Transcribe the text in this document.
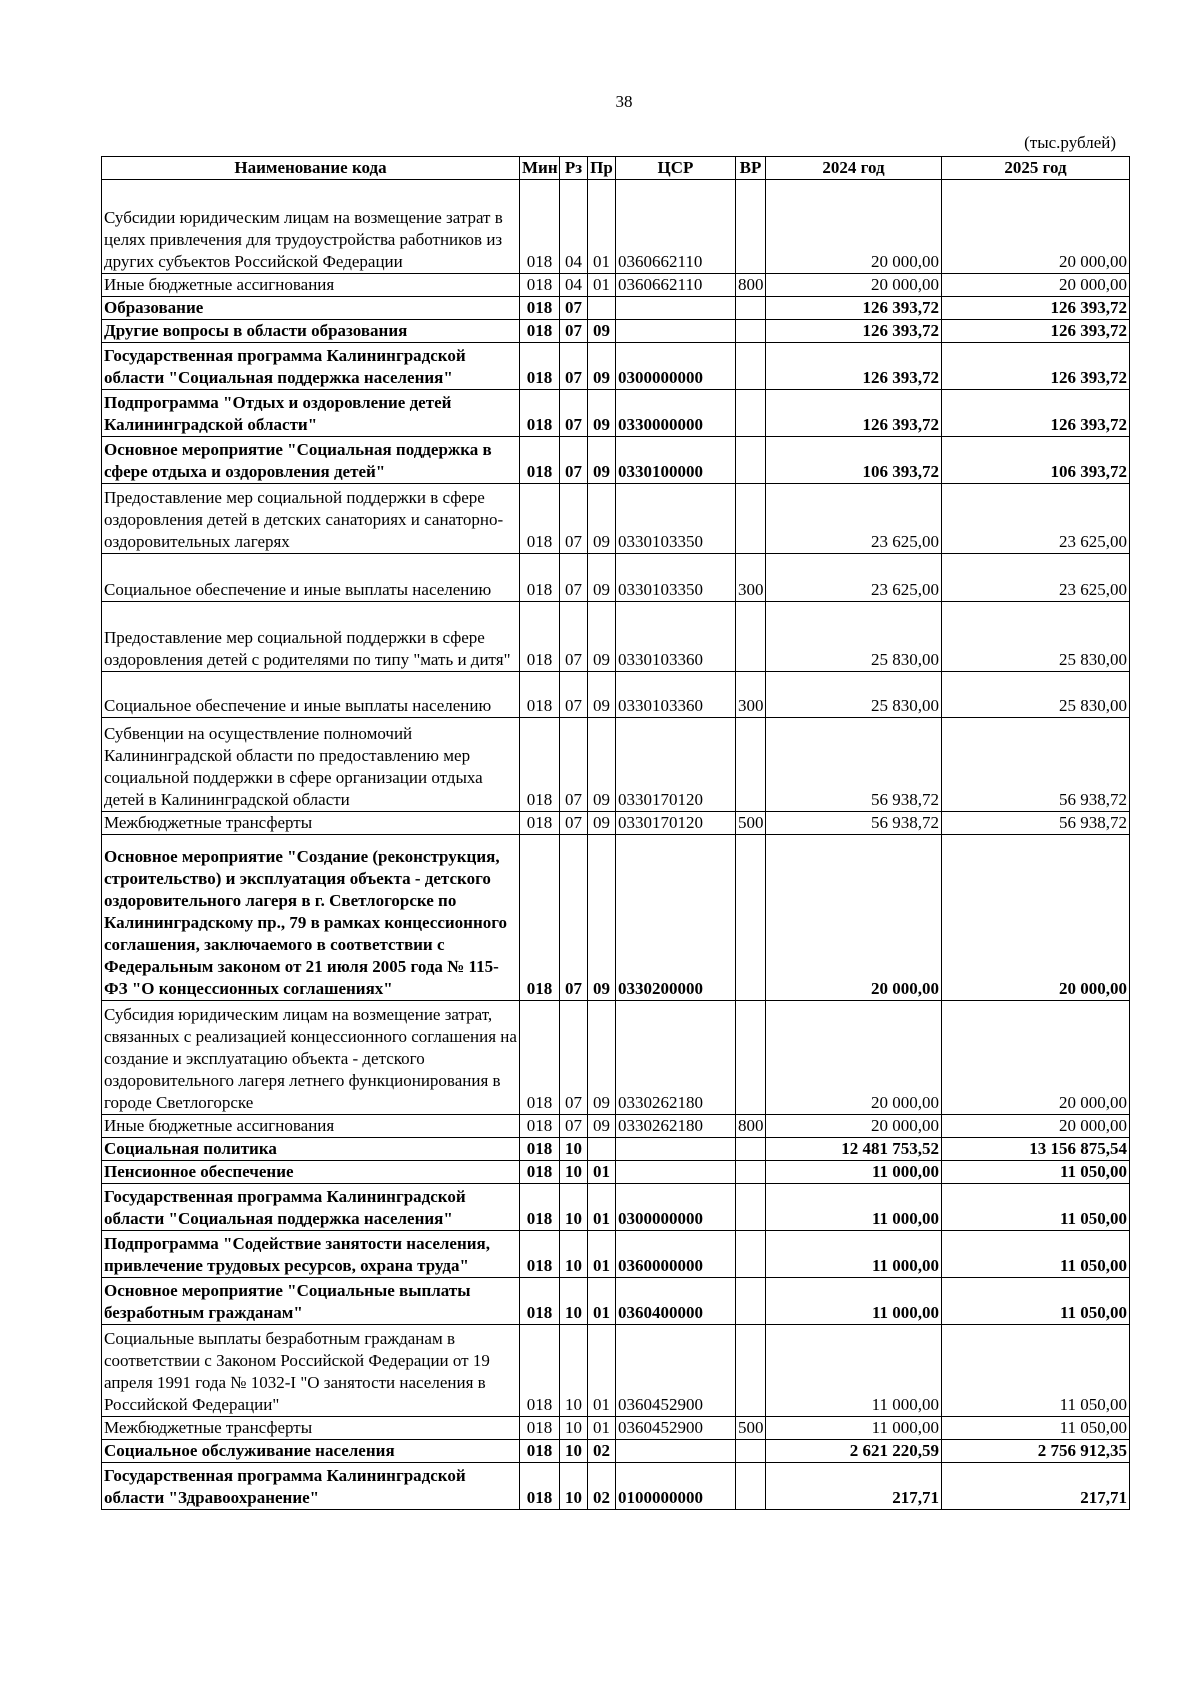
38
(тыс.рублей)
Наименование кода	Мин	Рз	Пр	ЦСР	ВР	2024 год	2025 год
Субсидии юридическим лицам на возмещение затрат в целях привлечения для трудоустройства работников из других субъектов Российской Федерации	018	04	01	0360662110		20 000,00	20 000,00
Иные бюджетные ассигнования	018	04	01	0360662110	800	20 000,00	20 000,00
Образование	018	07				126 393,72	126 393,72
Другие вопросы в области образования	018	07	09			126 393,72	126 393,72
Государственная программа Калининградской области "Социальная поддержка населения"	018	07	09	0300000000		126 393,72	126 393,72
Подпрограмма "Отдых и оздоровление детей Калининградской области"	018	07	09	0330000000		126 393,72	126 393,72
Основное мероприятие "Социальная поддержка в сфере отдыха и оздоровления детей"	018	07	09	0330100000		106 393,72	106 393,72
Предоставление мер социальной поддержки в сфере оздоровления детей в детских санаториях и санаторно-оздоровительных лагерях	018	07	09	0330103350		23 625,00	23 625,00
Социальное обеспечение и иные выплаты населению	018	07	09	0330103350	300	23 625,00	23 625,00
Предоставление мер социальной поддержки в сфере оздоровления детей с родителями по типу "мать и дитя"	018	07	09	0330103360		25 830,00	25 830,00
Социальное обеспечение и иные выплаты населению	018	07	09	0330103360	300	25 830,00	25 830,00
Субвенции на осуществление полномочий Калининградской области по предоставлению мер социальной поддержки в сфере организации отдыха детей в Калининградской области	018	07	09	0330170120		56 938,72	56 938,72
Межбюджетные трансферты	018	07	09	0330170120	500	56 938,72	56 938,72
Основное мероприятие "Создание (реконструкция, строительство) и эксплуатация объекта - детского оздоровительного лагеря в г. Светлогорске по Калининградскому пр., 79 в рамках концессионного соглашения, заключаемого в соответствии с Федеральным законом от 21 июля 2005 года № 115-ФЗ "О концессионных соглашениях"	018	07	09	0330200000		20 000,00	20 000,00
Субсидия юридическим лицам на возмещение затрат, связанных с реализацией концессионного соглашения на создание и эксплуатацию объекта - детского оздоровительного лагеря летнего функционирования в городе Светлогорске	018	07	09	0330262180		20 000,00	20 000,00
Иные бюджетные ассигнования	018	07	09	0330262180	800	20 000,00	20 000,00
Социальная политика	018	10				12 481 753,52	13 156 875,54
Пенсионное обеспечение	018	10	01			11 000,00	11 050,00
Государственная программа Калининградской области "Социальная поддержка населения"	018	10	01	0300000000		11 000,00	11 050,00
Подпрограмма "Содействие занятости населения, привлечение трудовых ресурсов, охрана труда"	018	10	01	0360000000		11 000,00	11 050,00
Основное мероприятие "Социальные выплаты безработным гражданам"	018	10	01	0360400000		11 000,00	11 050,00
Социальные выплаты безработным гражданам в соответствии с Законом Российской Федерации от 19 апреля 1991 года № 1032-I "О занятости населения в Российской Федерации"	018	10	01	0360452900		11 000,00	11 050,00
Межбюджетные трансферты	018	10	01	0360452900	500	11 000,00	11 050,00
Социальное обслуживание населения	018	10	02			2 621 220,59	2 756 912,35
Государственная программа Калининградской области "Здравоохранение"	018	10	02	0100000000		217,71	217,71
